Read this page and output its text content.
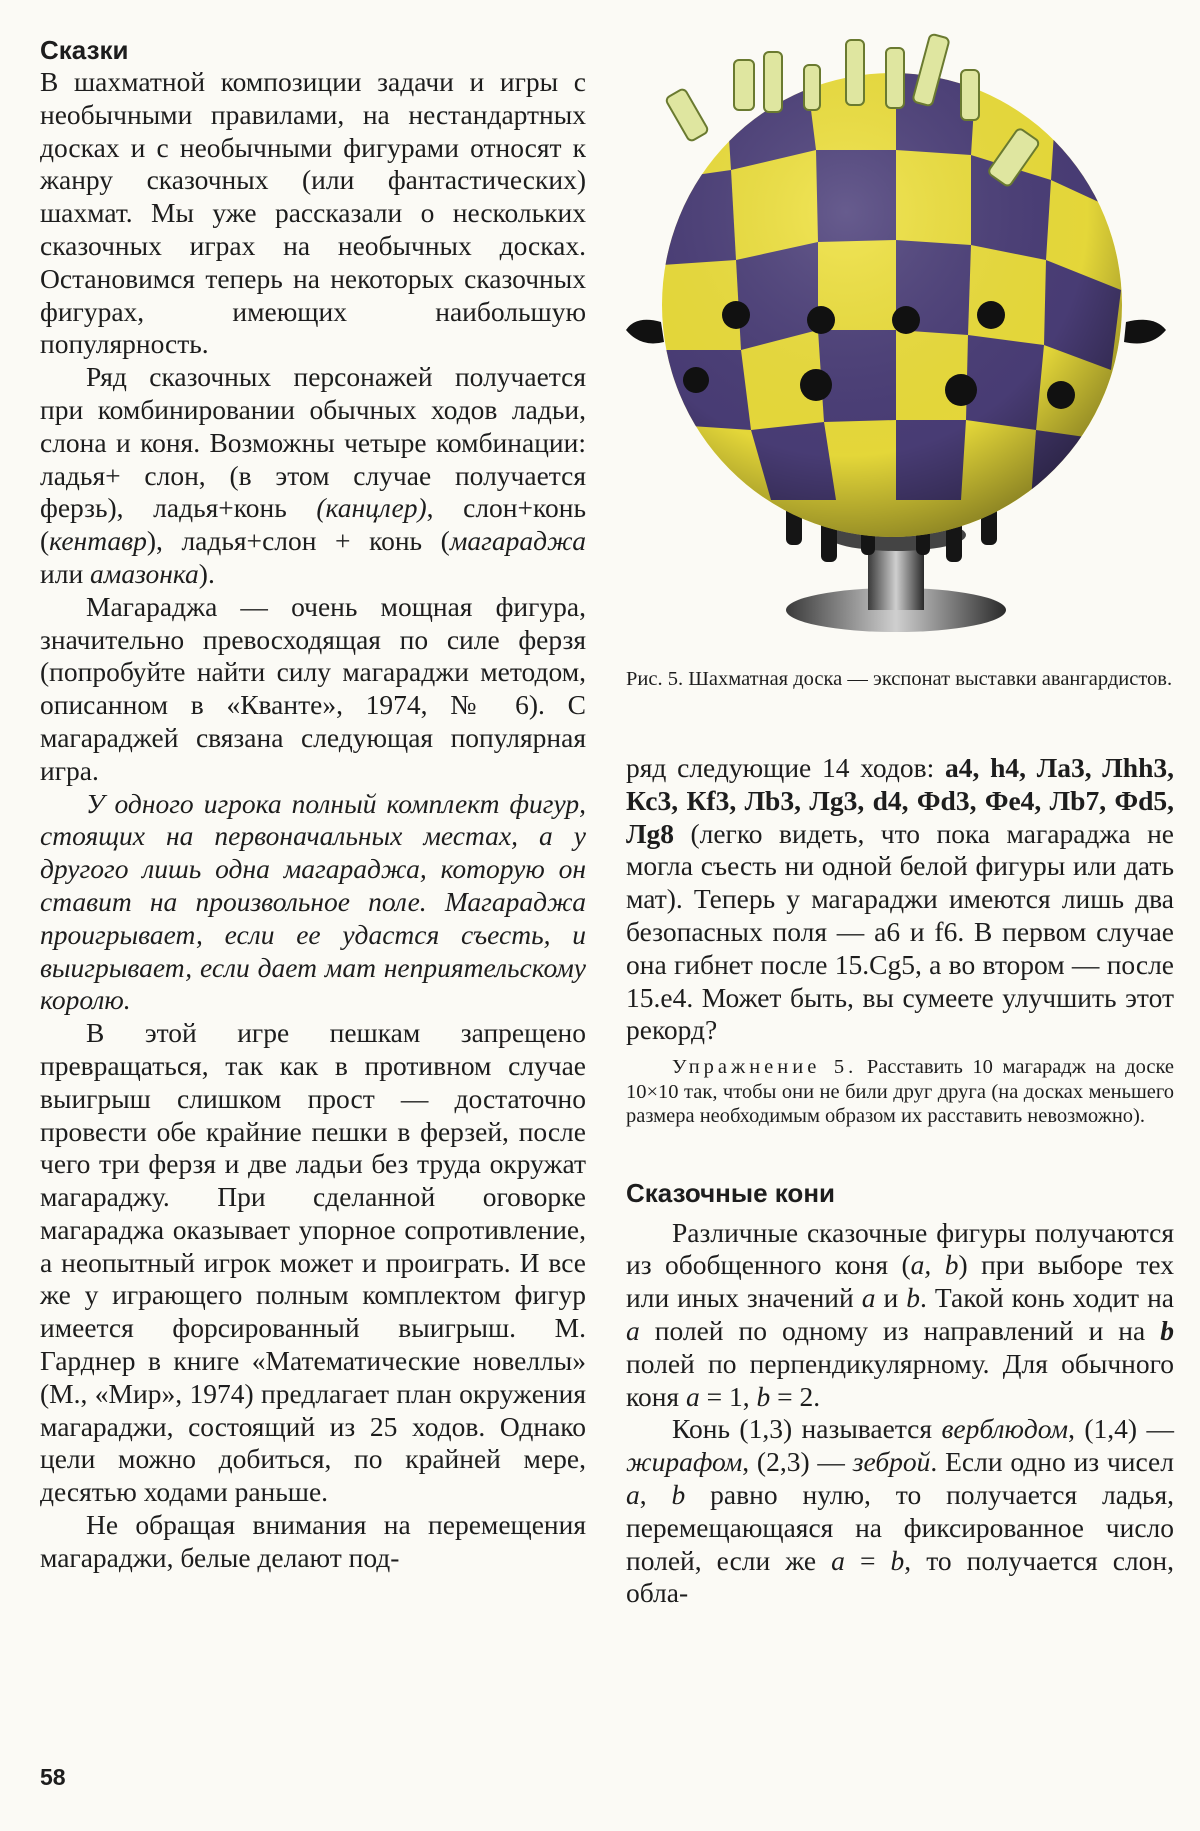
Сказки

В шахматной композиции задачи и игры с необычными правилами, на нестандартных досках и с необычными фигурами относят к жанру сказочных (или фантастических) шахмат. Мы уже рассказали о нескольких сказочных играх на необычных досках. Остановимся теперь на некоторых сказочных фигурах, имеющих наибольшую популярность.

Ряд сказочных персонажей получается при комбинировании обычных ходов ладьи, слона и коня. Возможны четыре комбинации: ладья+ слон, (в этом случае получается ферзь), ладья+конь (канцлер), слон+конь (кентавр), ладья+слон + конь (магараджа или амазонка).

Магараджа — очень мощная фигура, значительно превосходящая по силе ферзя (попробуйте найти силу магараджи методом, описанном в «Кванте», 1974, № 6). С магараджей связана следующая популярная игра.

У одного игрока полный комплект фигур, стоящих на первоначальных местах, а у другого лишь одна магараджа, которую он ставит на произвольное поле. Магараджа проигрывает, если ее удастся съесть, и выигрывает, если дает мат неприятельскому королю.

В этой игре пешкам запрещено превращаться, так как в противном случае выигрыш слишком прост — достаточно провести обе крайние пешки в ферзей, после чего три ферзя и две ладьи без труда окружат магараджу. При сделанной оговорке магараджа оказывает упорное сопротивление, а неопытный игрок может и проиграть. И все же у играющего полным комплектом фигур имеется форсированный выигрыш. М. Гарднер в книге «Математические новеллы» (М., «Мир», 1974) предлагает план окружения магараджи, состоящий из 25 ходов. Однако цели можно добиться, по крайней мере, десятью ходами раньше.

Не обращая внимания на перемещения магараджи, белые делают под-

Рис. 5. Шахматная доска — экспонат выставки авангардистов.

ряд следующие 14 ходов: a4, h4, Ла3, Лhh3, Кс3, Кf3, Лb3, Лg3, d4, Фd3, Фе4, Лb7, Фd5, Лg8 (легко видеть, что пока магараджа не могла съесть ни одной белой фигуры или дать мат). Теперь у магараджи имеются лишь два безопасных поля — а6 и f6. В первом случае она гибнет после 15.Cg5, а во втором — после 15.e4. Может быть, вы сумеете улучшить этот рекорд?

Упражнение 5. Расставить 10 магарадж на доске 10×10 так, чтобы они не били друг друга (на досках меньшего размера необходимым образом их расставить невозможно).

Сказочные кони

Различные сказочные фигуры получаются из обобщенного коня (a, b) при выборе тех или иных значений a и b. Такой конь ходит на a полей по одному из направлений и на b полей по перпендикулярному. Для обычного коня a = 1, b = 2.

Конь (1,3) называется верблюдом, (1,4) — жирафом, (2,3) — зеброй. Если одно из чисел a, b равно нулю, то получается ладья, перемещающаяся на фиксированное число полей, если же a = b, то получается слон, обла-

58
